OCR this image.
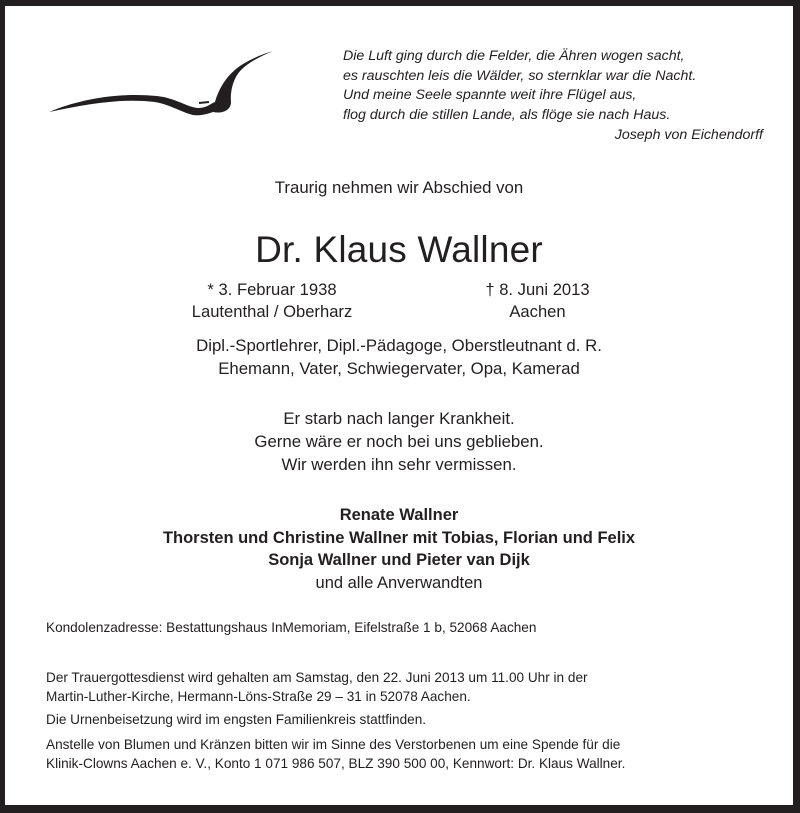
Die Luft ging durch die Felder, die Ähren wogen sacht,
es rauschten leis die Wälder, so sternklar war die Nacht.
Und meine Seele spannte weit ihre Flügel aus,
flog durch die stillen Lande, als flöge sie nach Haus.
Joseph von Eichendorff
Traurig nehmen wir Abschied von
Dr. Klaus Wallner
* 3. Februar 1938
Lautenthal / Oberharz
† 8. Juni 2013
Aachen
Dipl.-Sportlehrer, Dipl.-Pädagoge, Oberstleutnant d. R.
Ehemann, Vater, Schwiegervater, Opa, Kamerad
Er starb nach langer Krankheit.
Gerne wäre er noch bei uns geblieben.
Wir werden ihn sehr vermissen.
Renate Wallner
Thorsten und Christine Wallner mit Tobias, Florian und Felix
Sonja Wallner und Pieter van Dijk
und alle Anverwandten
Kondolenzadresse: Bestattungshaus InMemoriam, Eifelstraße 1 b, 52068 Aachen
Der Trauergottesdienst wird gehalten am Samstag, den 22. Juni 2013 um 11.00 Uhr in der
Martin-Luther-Kirche, Hermann-Löns-Straße 29 – 31 in 52078 Aachen.
Die Urnenbeisetzung wird im engsten Familienkreis stattfinden.
Anstelle von Blumen und Kränzen bitten wir im Sinne des Verstorbenen um eine Spende für die
Klinik-Clowns Aachen e. V., Konto 1 071 986 507, BLZ 390 500 00, Kennwort: Dr. Klaus Wallner.
